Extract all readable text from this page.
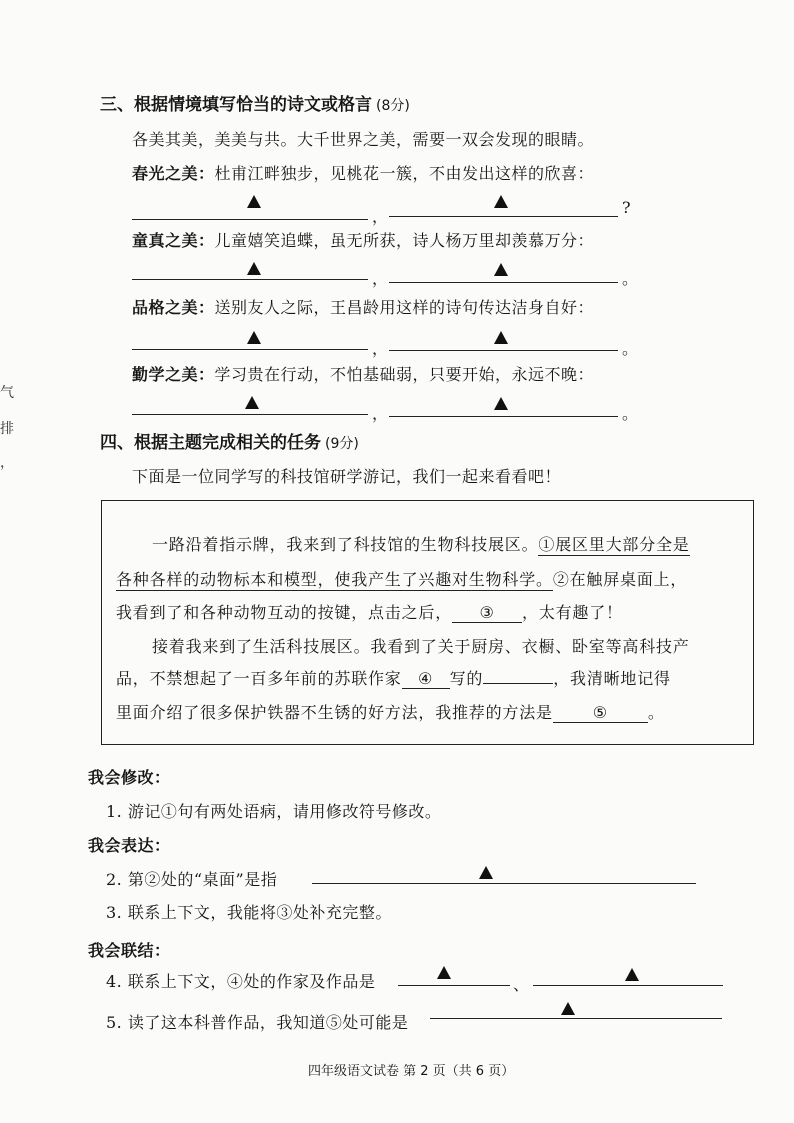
气
排
，
三、根据情境填写恰当的诗文或格言 (8分)
各美其美，美美与共。大千世界之美，需要一双会发现的眼睛。
春光之美：杜甫江畔独步，见桃花一簇，不由发出这样的欣喜：
，	?
童真之美：儿童嬉笑追蝶，虽无所获，诗人杨万里却羡慕万分：
，	。
品格之美：送别友人之际，王昌龄用这样的诗句传达洁身自好：
，	。
勤学之美：学习贵在行动，不怕基础弱，只要开始，永远不晚：
，	。
四、根据主题完成相关的任务 (9分)
下面是一位同学写的科技馆研学游记，我们一起来看看吧！
一路沿着指示牌，我来到了科技馆的生物科技展区。①展区里大部分全是
各种各样的动物标本和模型，使我产生了兴趣对生物科学。②在触屏桌面上，
我看到了和各种动物互动的按键，点击之后， ③ ，太有趣了！
接着我来到了生活科技展区。我看到了关于厨房、衣橱、卧室等高科技产
品，不禁想起了一百多年前的苏联作家 ④ 写的	，我清晰地记得
里面介绍了很多保护铁器不生锈的好方法，我推荐的方法是 ⑤ 。
我会修改：
1. 游记①句有两处语病，请用修改符号修改。
我会表达：
2. 第②处的“桌面”是指
3. 联系上下文，我能将③处补充完整。
我会联结：
4. 联系上下文，④处的作家及作品是	、
5. 读了这本科普作品，我知道⑤处可能是
四年级语文试卷 第 2 页（共 6 页）
